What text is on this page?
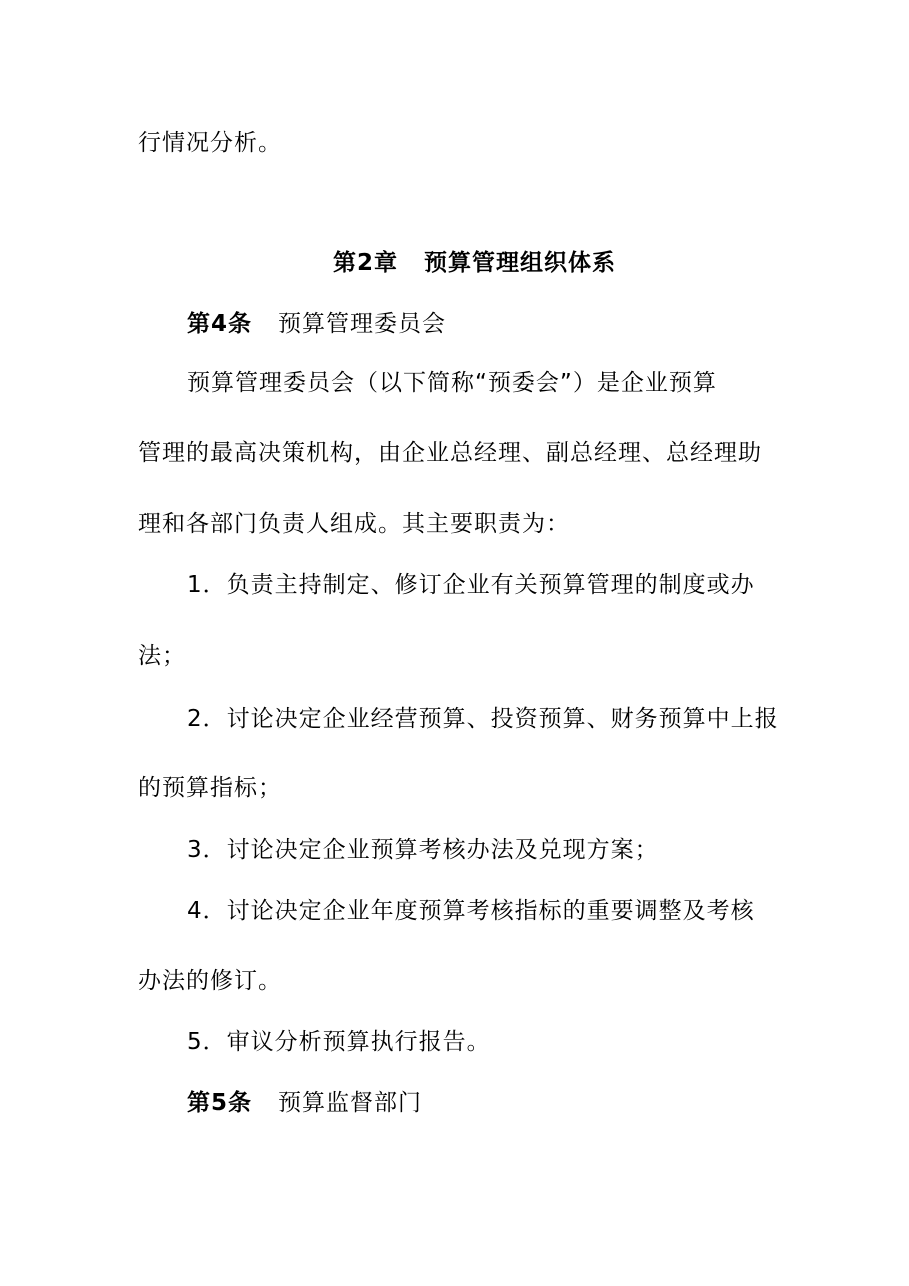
行情况分析。
第2章 预算管理组织体系
第4条 预算管理委员会
预算管理委员会（以下简称“预委会”）是企业预算
管理的最高决策机构，由企业总经理、副总经理、总经理助
理和各部门负责人组成。其主要职责为：
1．负责主持制定、修订企业有关预算管理的制度或办
法；
2．讨论决定企业经营预算、投资预算、财务预算中上报
的预算指标；
3．讨论决定企业预算考核办法及兑现方案；
4．讨论决定企业年度预算考核指标的重要调整及考核
办法的修订。
5．审议分析预算执行报告。
第5条 预算监督部门
